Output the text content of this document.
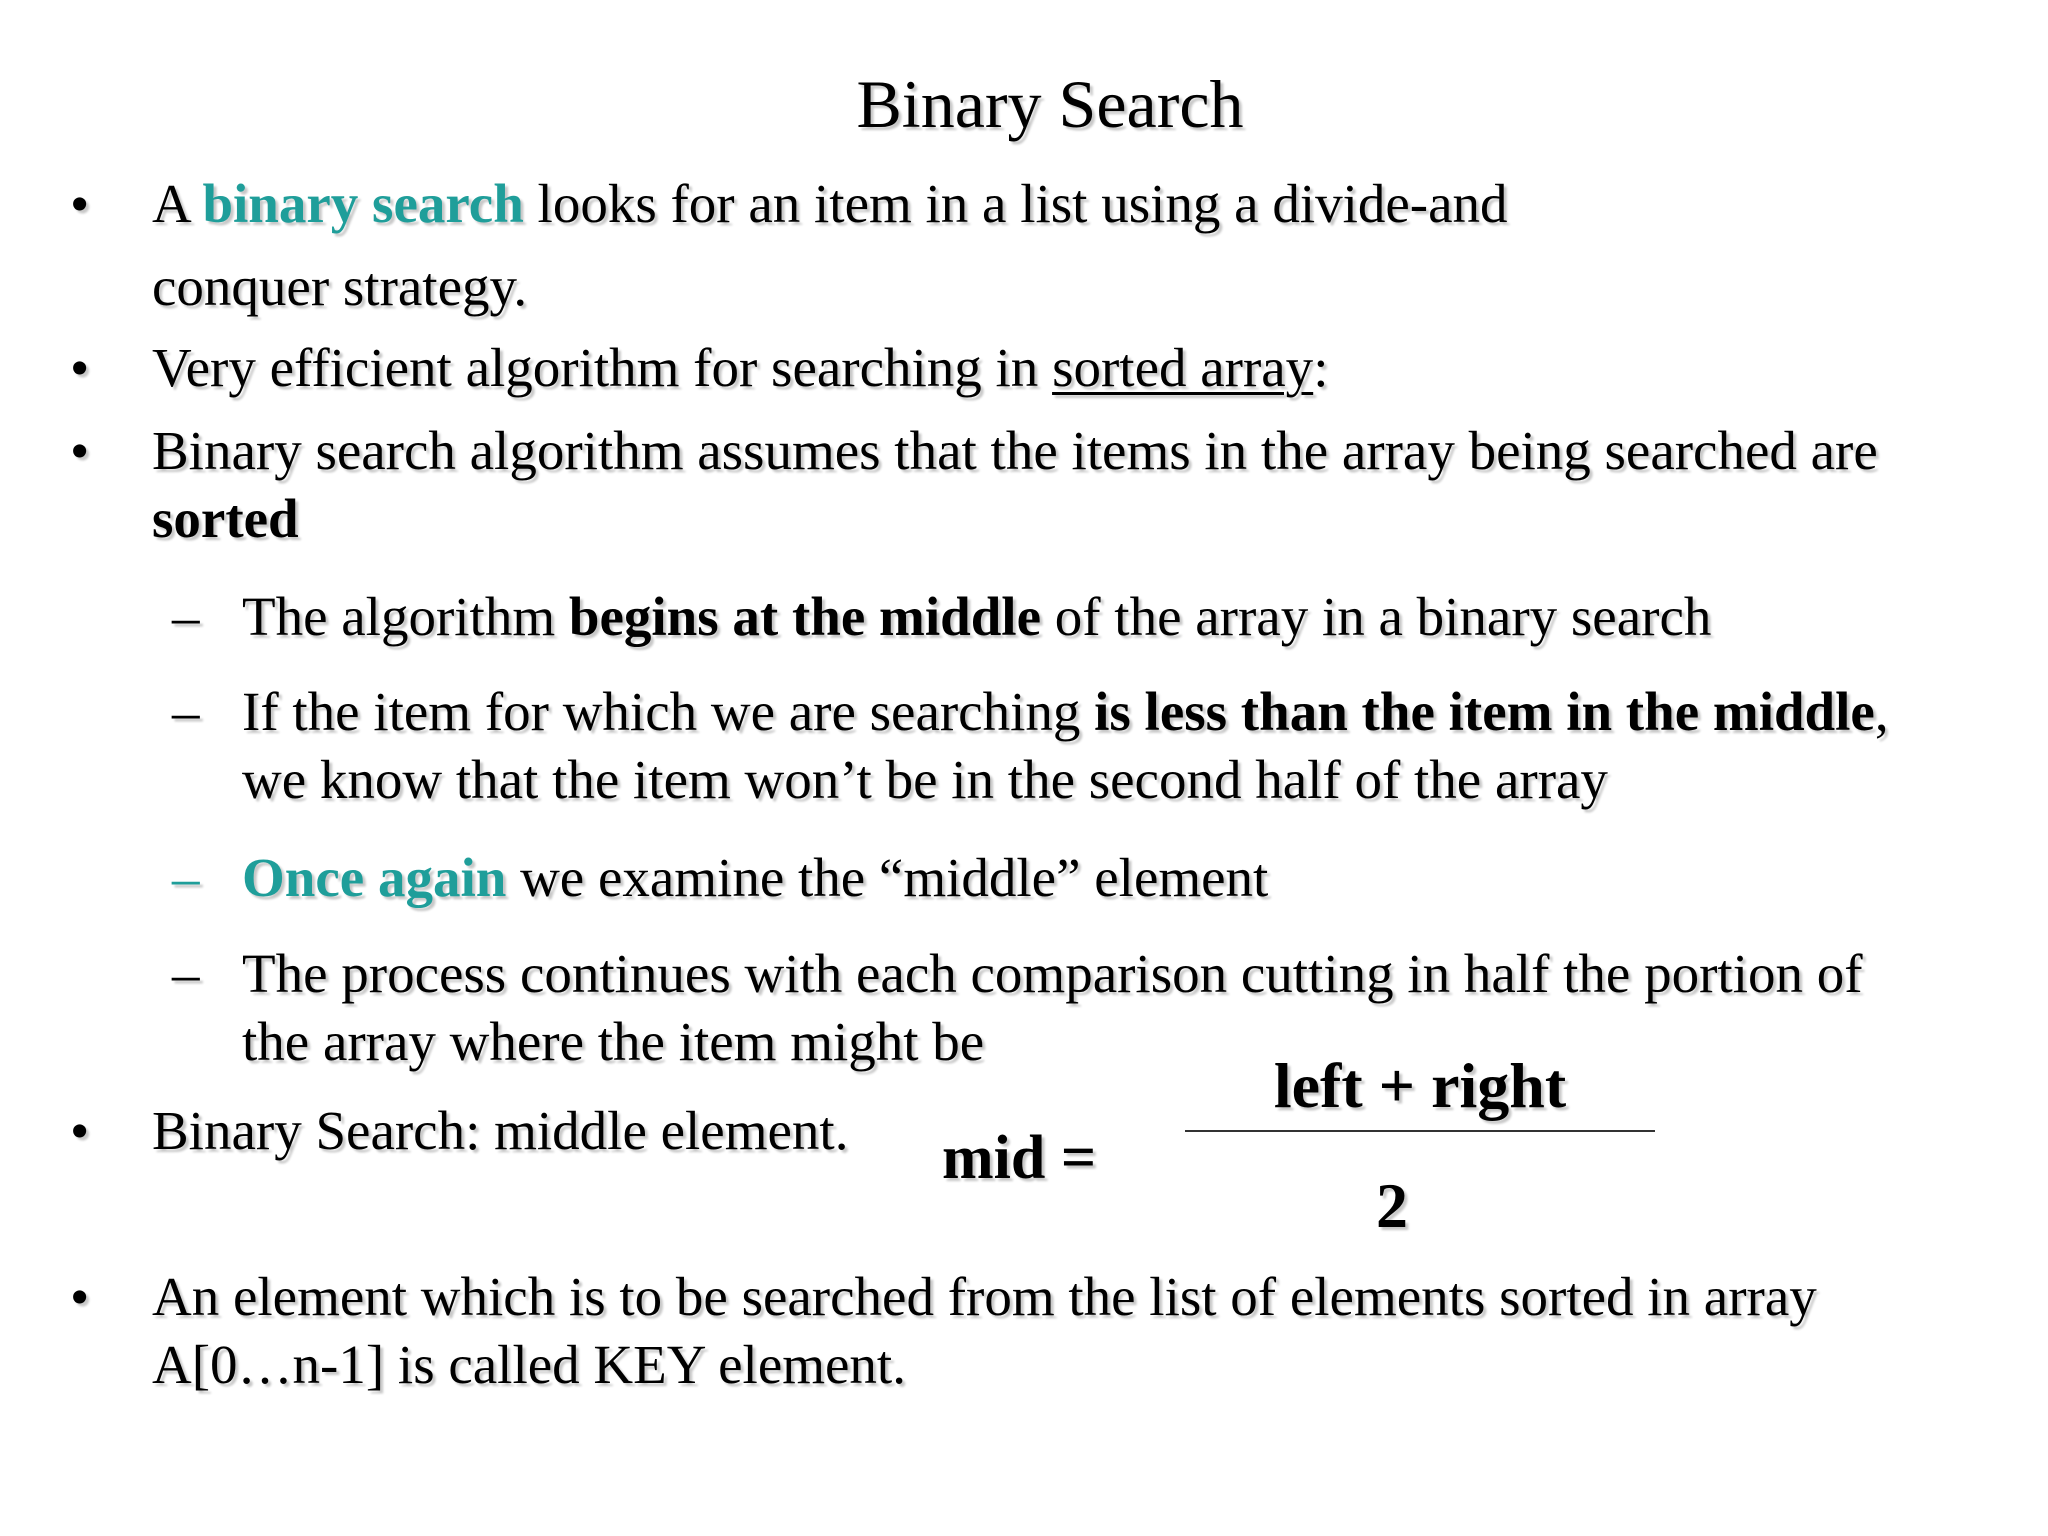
Binary Search
• A binary search looks for an item in a list using a divide-and
conquer strategy.
• Very efficient algorithm for searching in sorted array:
• Binary search algorithm assumes that the items in the array being searched are
sorted
– The algorithm begins at the middle of the array in a binary search
– If the item for which we are searching is less than the item in the middle,
we know that the item won’t be in the second half of the array
– Once again we examine the “middle” element
– The process continues with each comparison cutting in half the portion of
the array where the item might be
• Binary Search: middle element.	mid =
left + right
2
• An element which is to be searched from the list of elements sorted in array
A[0…n-1] is called KEY element.
